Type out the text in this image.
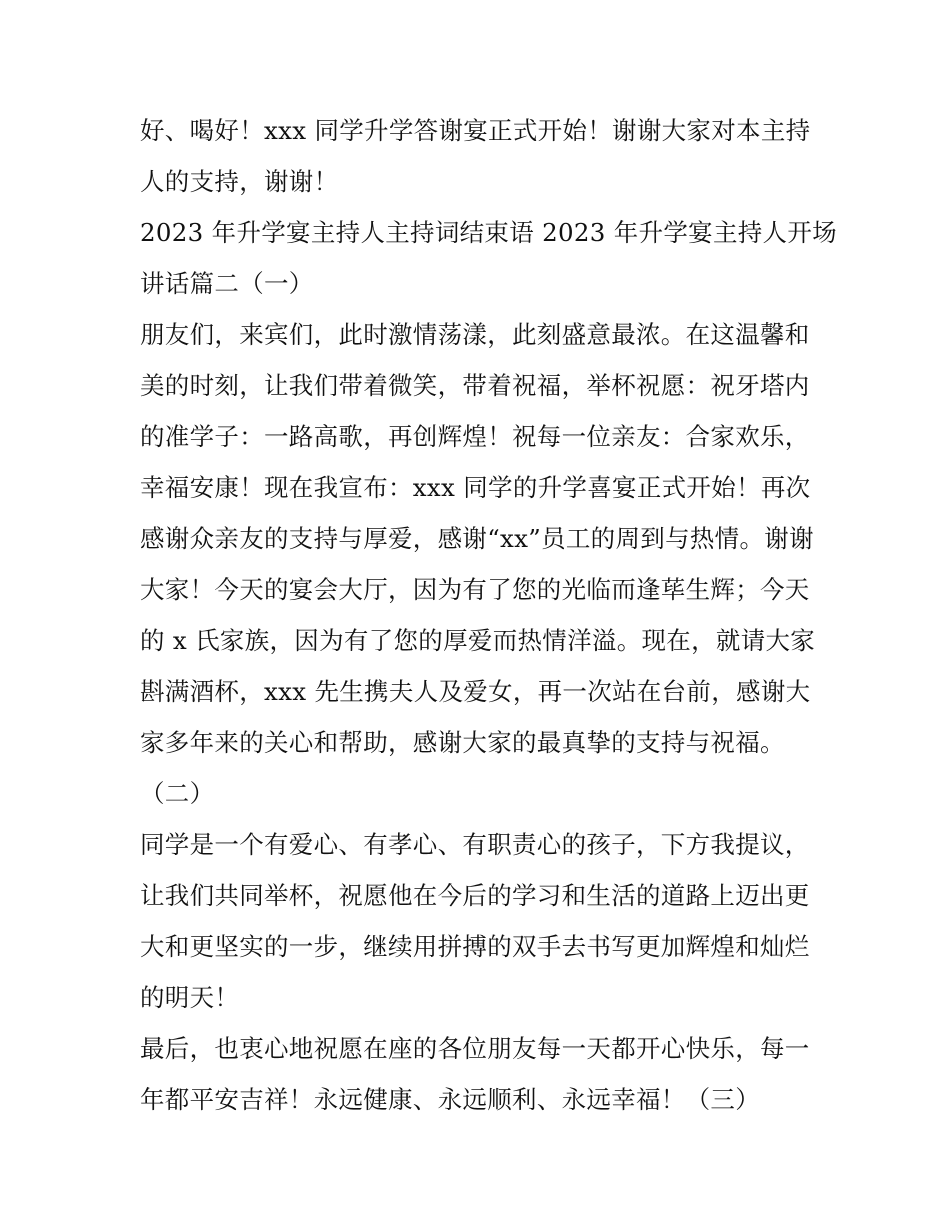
好、喝好！xxx 同学升学答谢宴正式开始！谢谢大家对本主持
人的支持，谢谢！
2023 年升学宴主持人主持词结束语 2023 年升学宴主持人开场
讲话篇二（一）
朋友们，来宾们，此时激情荡漾，此刻盛意最浓。在这温馨和
美的时刻，让我们带着微笑，带着祝福，举杯祝愿：祝牙塔内
的准学子：一路高歌，再创辉煌！祝每一位亲友：合家欢乐，
幸福安康！现在我宣布：xxx 同学的升学喜宴正式开始！再次
感谢众亲友的支持与厚爱，感谢“xx”员工的周到与热情。谢谢
大家！今天的宴会大厅，因为有了您的光临而逢荜生辉；今天
的 x 氏家族，因为有了您的厚爱而热情洋溢。现在，就请大家
斟满酒杯，xxx 先生携夫人及爱女，再一次站在台前，感谢大
家多年来的关心和帮助，感谢大家的最真挚的支持与祝福。
（二）
同学是一个有爱心、有孝心、有职责心的孩子，下方我提议，
让我们共同举杯，祝愿他在今后的学习和生活的道路上迈出更
大和更坚实的一步，继续用拼搏的双手去书写更加辉煌和灿烂
的明天！
最后，也衷心地祝愿在座的各位朋友每一天都开心快乐，每一
年都平安吉祥！永远健康、永远顺利、永远幸福！（三）
